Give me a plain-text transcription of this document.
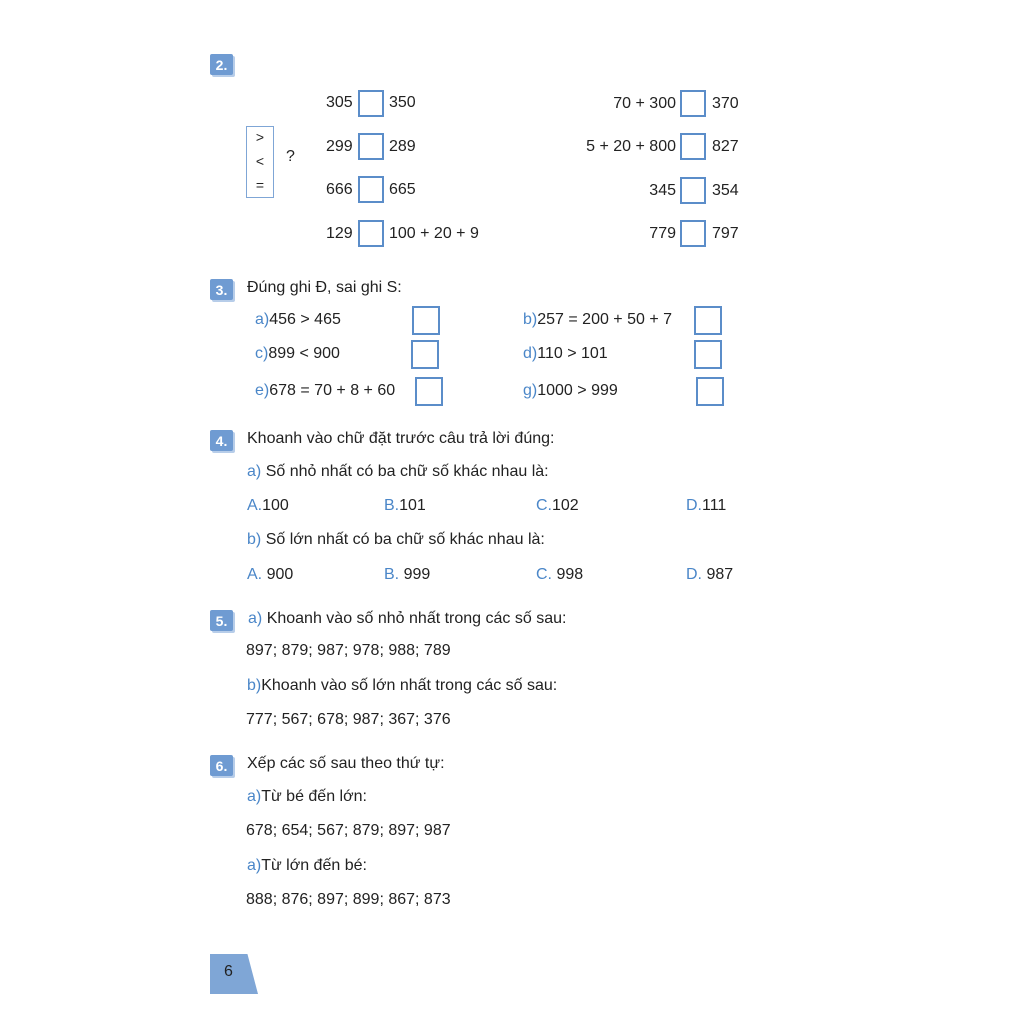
2.
>
<
=
?
305 350
299 289
666 665
129 100 + 20 + 9
70 + 300 370
5 + 20 + 800 827
345 354
779 797
3.	Đúng ghi Đ, sai ghi S:
a)456 > 465	b)257 = 200 + 50 + 7
c)899 < 900	d)110 > 101
e)678 = 70 + 8 + 60	g)1000 > 999
4.	Khoanh vào chữ đặt trước câu trả lời đúng:
a) Số nhỏ nhất có ba chữ số khác nhau là:
A.100	B.101	C.102	D.111
b) Số lớn nhất có ba chữ số khác nhau là:
A. 900	B. 999	C. 998	D. 987
5.	a) Khoanh vào số nhỏ nhất trong các số sau:
897; 879; 987; 978; 988; 789
b)Khoanh vào số lớn nhất trong các số sau:
777; 567; 678; 987; 367; 376
6.	Xếp các số sau theo thứ tự:
a)Từ bé đến lớn:
678; 654; 567; 879; 897; 987
a)Từ lớn đến bé:
888; 876; 897; 899; 867; 873
6
